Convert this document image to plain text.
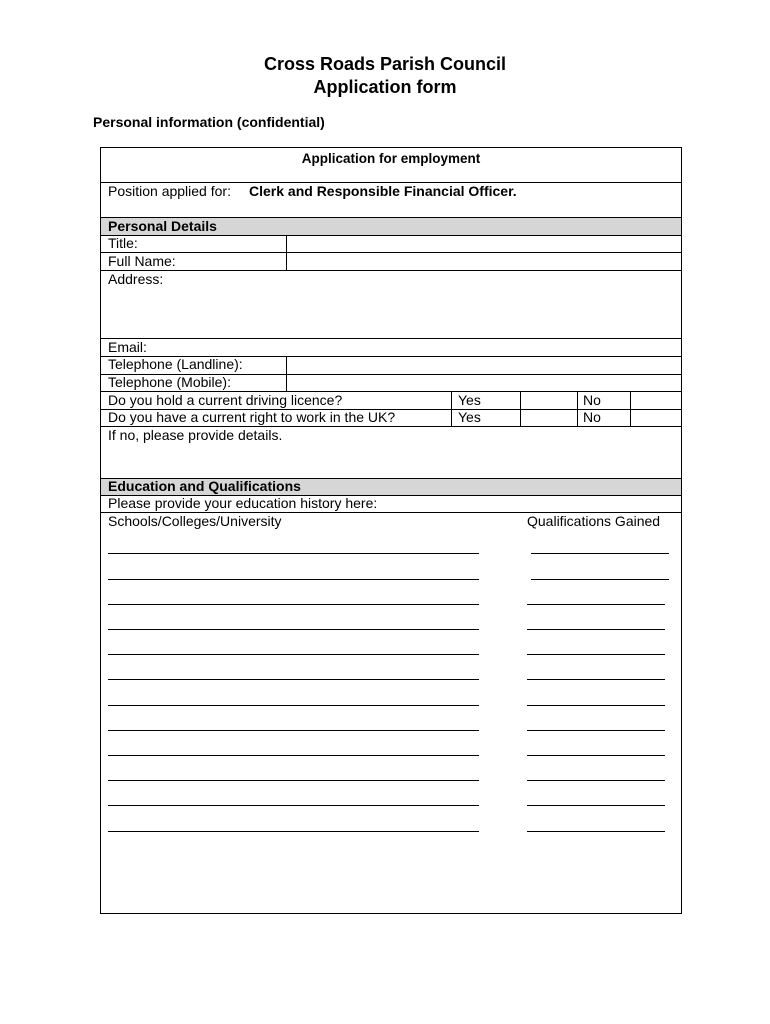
Cross Roads Parish Council
Application form
Personal information (confidential)
Application for employment
Position applied for: Clerk and Responsible Financial Officer.
Personal Details
Title:
Full Name:
Address:
Email:
Telephone (Landline):
Telephone (Mobile):
Do you hold a current driving licence?	Yes	No
Do you have a current right to work in the UK?	Yes	No
If no, please provide details.
Education and Qualifications
Please provide your education history here:
Schools/Colleges/University	Qualifications Gained
